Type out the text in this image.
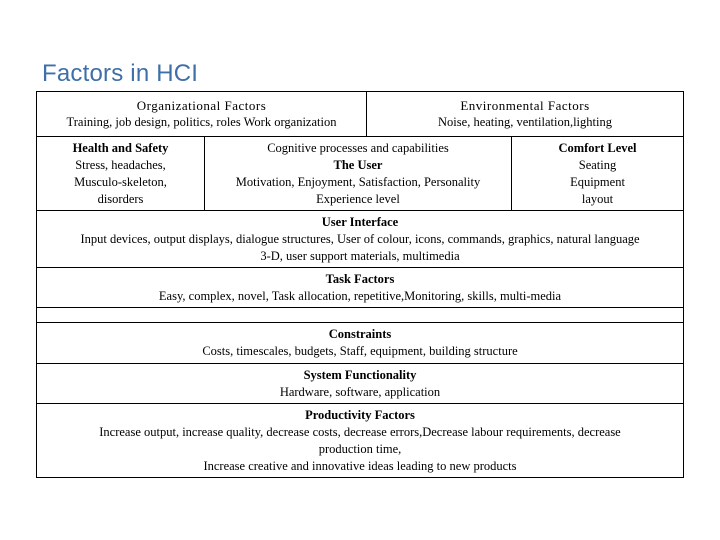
Factors in HCI
Organizational Factors
Training, job design, politics, roles Work organization
Environmental Factors
Noise, heating, ventilation,lighting
Health and Safety
Stress, headaches,
Musculo-skeleton,
disorders
Cognitive processes and capabilities
The User
Motivation, Enjoyment, Satisfaction, Personality
Experience level
Comfort Level
Seating
Equipment
layout
User Interface
Input devices, output displays, dialogue structures, User of colour, icons, commands, graphics, natural language
3-D, user support materials, multimedia
Task Factors
Easy, complex, novel, Task allocation, repetitive,Monitoring, skills, multi-media
Constraints
Costs, timescales, budgets, Staff, equipment, building structure
System Functionality
Hardware, software, application
Productivity Factors
Increase output, increase quality, decrease costs, decrease errors,Decrease labour requirements, decrease
production time,
Increase creative and innovative ideas leading to new products
